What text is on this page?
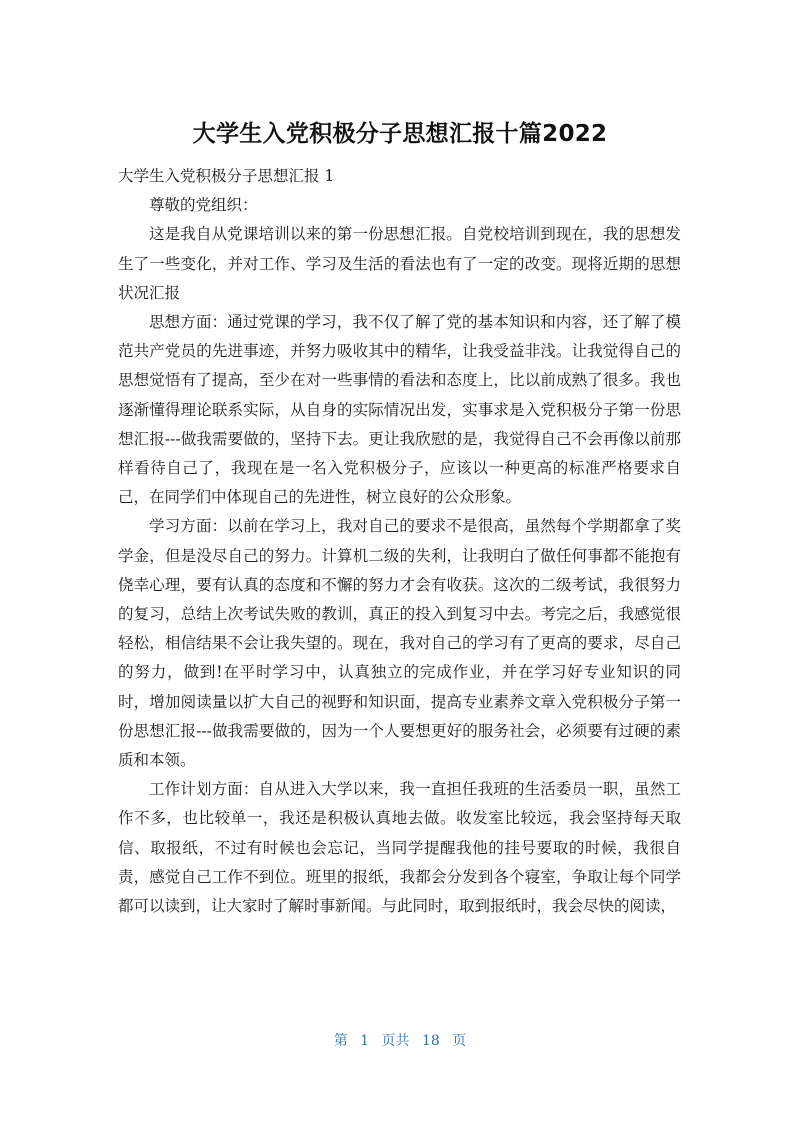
大学生入党积极分子思想汇报十篇2022

大学生入党积极分子思想汇报 1

尊敬的党组织：

这是我自从党课培训以来的第一份思想汇报。自党校培训到现在，我的思想发生了一些变化，并对工作、学习及生活的看法也有了一定的改变。现将近期的思想状况汇报

思想方面：通过党课的学习，我不仅了解了党的基本知识和内容，还了解了模范共产党员的先进事迹，并努力吸收其中的精华，让我受益非浅。让我觉得自己的思想觉悟有了提高，至少在对一些事情的看法和态度上，比以前成熟了很多。我也逐渐懂得理论联系实际，从自身的实际情况出发，实事求是入党积极分子第一份思想汇报---做我需要做的，坚持下去。更让我欣慰的是，我觉得自己不会再像以前那样看待自己了，我现在是一名入党积极分子，应该以一种更高的标准严格要求自己，在同学们中体现自己的先进性，树立良好的公众形象。

学习方面：以前在学习上，我对自己的要求不是很高，虽然每个学期都拿了奖学金，但是没尽自己的努力。计算机二级的失利，让我明白了做任何事都不能抱有侥幸心理，要有认真的态度和不懈的努力才会有收获。这次的二级考试，我很努力的复习，总结上次考试失败的教训，真正的投入到复习中去。考完之后，我感觉很轻松，相信结果不会让我失望的。现在，我对自己的学习有了更高的要求，尽自己的努力，做到!在平时学习中，认真独立的完成作业，并在学习好专业知识的同时，增加阅读量以扩大自己的视野和知识面，提高专业素养文章入党积极分子第一份思想汇报---做我需要做的，因为一个人要想更好的服务社会，必须要有过硬的素质和本领。

工作计划方面：自从进入大学以来，我一直担任我班的生活委员一职，虽然工作不多，也比较单一，我还是积极认真地去做。收发室比较远，我会坚持每天取信、取报纸，不过有时候也会忘记，当同学提醒我他的挂号要取的时候，我很自责，感觉自己工作不到位。班里的报纸，我都会分发到各个寝室，争取让每个同学都可以读到，让大家时了解时事新闻。与此同时，取到报纸时，我会尽快的阅读，

第 1 页共 18 页
